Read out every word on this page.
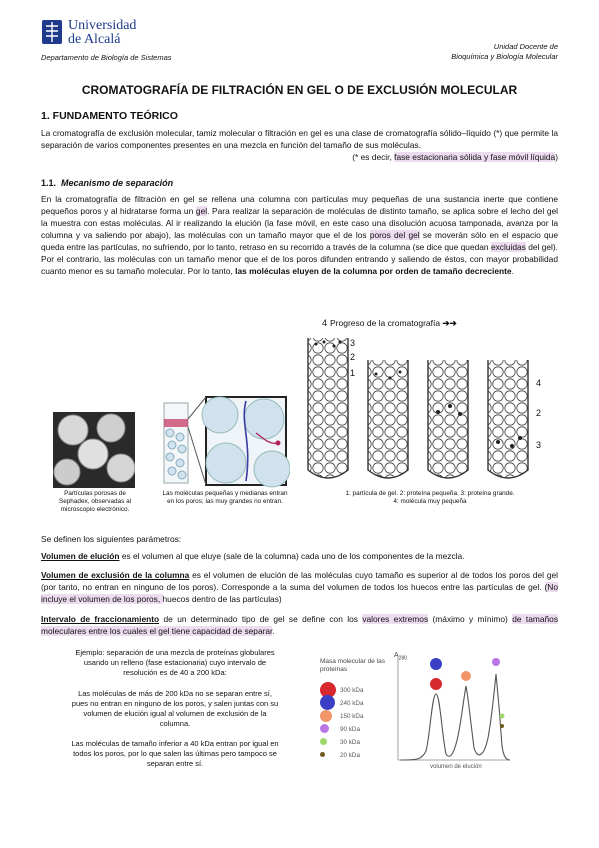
Universidad
de Alcalá
Departamento de Biología de Sistemas
Unidad Docente de
Bioquímica y Biología Molecular
CROMATOGRAFÍA DE FILTRACIÓN EN GEL O DE EXCLUSIÓN MOLECULAR
1. FUNDAMENTO TEÓRICO
La cromatografía de exclusión molecular, tamiz molecular o filtración en gel es una clase de cromatografía sólido–líquido (*) que permite la separación de varios componentes presentes en una mezcla en función del tamaño de sus moléculas.
(* es decir, fase estacionaria sólida y fase móvil líquida)
1.1. Mecanismo de separación
En la cromatografía de filtración en gel se rellena una columna con partículas muy pequeñas de una sustancia inerte que contiene pequeños poros y al hidratarse forma un gel. Para realizar la separación de moléculas de distinto tamaño, se aplica sobre el lecho del gel la muestra con estas moléculas. Al ir realizando la elución (la fase móvil, en este caso una disolución acuosa tamponada, avanza por la columna y va saliendo por abajo), las moléculas con un tamaño mayor que el de los poros del gel se moverán sólo en el espacio que queda entre las partículas, no sufriendo, por lo tanto, retraso en su recorrido a través de la columna (se dice que quedan excluidas del gel). Por el contrario, las moléculas con un tamaño menor que el de los poros difunden entrando y saliendo de éstos, con mayor probabilidad cuanto menor es su tamaño molecular. Por lo tanto, las moléculas eluyen de la columna por orden de tamaño decreciente.
Partículas porosas de Sephadex, observadas al microscopio electrónico.
Las moléculas pequeñas y medianas entran en los poros; las muy grandes no entran.
Progreso de la cromatografía ➔➔
4
3
2
1
4
2
3
1: partícula de gel. 2: proteína pequeña. 3: proteína grande.
4: molécula muy pequeña
Se definen los siguientes parámetros:
Volumen de elución es el volumen al que eluye (sale de la columna) cada uno de los componentes de la mezcla.
Volumen de exclusión de la columna es el volumen de elución de las moléculas cuyo tamaño es superior al de todos los poros del gel (por tanto, no entran en ninguno de los poros). Corresponde a la suma del volumen de todos los huecos entre las partículas de gel. (No incluye el volumen de los poros, huecos dentro de las partículas)
Intervalo de fraccionamiento de un determinado tipo de gel se define con los valores extremos (máximo y mínimo) de tamaños moleculares entre los cuales el gel tiene capacidad de separar.
Ejemplo: separación de una mezcla de proteínas globulares usando un relleno (fase estacionaria) cuyo intervalo de resolución es de 40 a 200 kDa:
Las moléculas de más de 200 kDa no se separan entre sí, pues no entran en ninguno de los poros, y salen juntas con su volumen de elución igual al volumen de exclusión de la columna.
Las moléculas de tamaño inferior a 40 kDa entran por igual en todos los poros, por lo que salen las últimas pero tampoco se separan entre sí.
Masa molecular de las proteínas
$A_{280}$
300 kDa
240 kDa
150 kDa
90 kDa
30 kDa
20 kDa
volumen de elución
